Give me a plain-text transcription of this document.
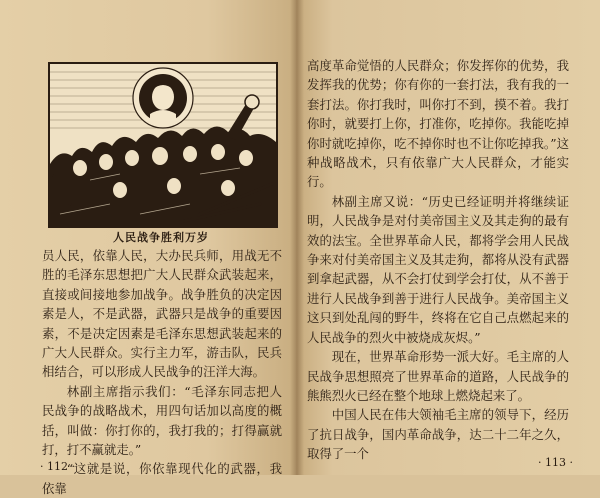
人民战争胜利万岁

员人民，依靠人民，大办民兵师，用战无不胜的毛泽东思想把广大人民群众武装起来，直接或间接地参加战争。战争胜负的决定因素是人，不是武器，武器只是战争的重要因素，不是决定因素是毛泽东思想武装起来的广大人民群众。实行主力军，游击队，民兵相结合，可以形成人民战争的汪洋大海。

林副主席指示我们：“毛泽东同志把人民战争的战略战术，用四句话加以高度的概括，叫做：你打你的，我打我的；打得赢就打，打不赢就走。”

“这就是说，你依靠现代化的武器，我依靠

· 112 ·

高度革命觉悟的人民群众；你发挥你的优势，我发挥我的优势；你有你的一套打法，我有我的一套打法。你打我时，叫你打不到，摸不着。我打你时，就要打上你，打准你，吃掉你。我能吃掉你时就吃掉你，吃不掉你时也不让你吃掉我。”这种战略战术，只有依靠广大人民群众，才能实行。

林副主席又说：“历史已经证明并将继续证明，人民战争是对付美帝国主义及其走狗的最有效的法宝。全世界革命人民，都将学会用人民战争来对付美帝国主义及其走狗，都将从没有武器到拿起武器，从不会打仗到学会打仗，从不善于进行人民战争到善于进行人民战争。美帝国主义这只到处乱闯的野牛，终将在它自己点燃起来的人民战争的烈火中被烧成灰烬。”

现在，世界革命形势一派大好。毛主席的人民战争思想照亮了世界革命的道路，人民战争的熊熊烈火已经在整个地球上燃烧起来了。

中国人民在伟大领袖毛主席的领导下，经历了抗日战争，国内革命战争，达二十二年之久，取得了一个

· 113 ·
